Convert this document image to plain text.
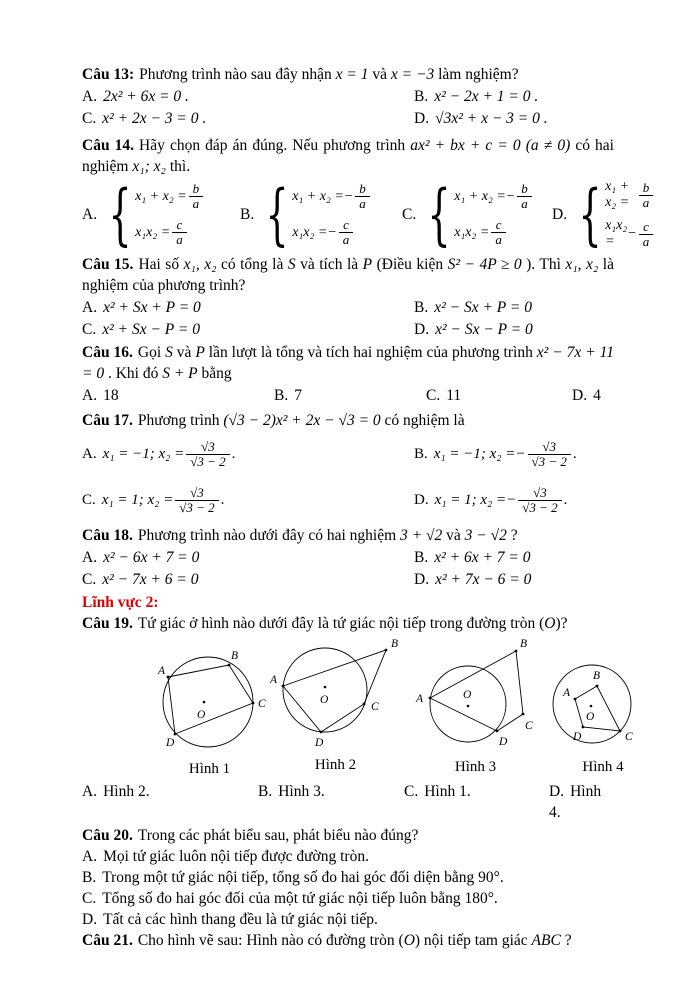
Câu 13: Phương trình nào sau đây nhận x = 1 và x = −3 làm nghiệm?

A. 2x² + 6x = 0 .	B. x² − 2x + 1 = 0 .
C. x² + 2x − 3 = 0 .	D. √3x² + x − 3 = 0 .

Câu 14. Hãy chọn đáp án đúng. Nếu phương trình ax² + bx + c = 0 (a ≠ 0) có hai nghiệm x₁; x₂ thì.

A. { $x_1 + x_2 = \frac{b}{a}$
$x_1x_2 = \frac{c}{a}$
B. { x₁ + x₂ = − $\frac{b}{a}$
x₁x₂ = − $\frac{c}{a}$
C. { x₁ + x₂ = − $\frac{b}{a}$
$x_1x_2 = \frac{c}{a}$
D. { $x_1 + x_2 = \frac{b}{a}$
x₁x₂ =
− $\frac{c}{a}$

Câu 15. Hai số x₁, x₂ có tổng là S và tích là P (Điều kiện S² − 4P ≥ 0 ). Thì x₁, x₂ là nghiệm của phương trình?

A. x² + Sx + P = 0	B. x² − Sx + P = 0
C. x² + Sx − P = 0	D. x² − Sx − P = 0

Câu 16. Gọi S và P lần lượt là tổng và tích hai nghiệm của phương trình x² − 7x + 11 = 0 . Khi đó S + P bằng

A. 18	B. 7	C. 11	D. 4

Câu 17. Phương trình (√3 − 2)x² + 2x − √3 = 0 có nghiệm là

A. x₁ = −1; $x_2 = \frac{√3}{√3 - 2}$ .	B. x₁ = −1; x₂ = − $\frac{√3}{√3 - 2}$ .
C. x₁ = 1; $x_2 = \frac{√3}{√3 - 2}$ .	D. x₁ = 1; x₂ = − $\frac{√3}{√3 - 2}$ .

Câu 18. Phương trình nào dưới đây có hai nghiệm 3 + √2 và 3 − √2 ?

A. x² − 6x + 7 = 0	B. x² + 6x + 7 = 0
C. x² − 7x + 6 = 0	D. x² + 7x − 6 = 0

Lĩnh vực 2:

Câu 19. Tứ giác ở hình nào dưới đây là tứ giác nội tiếp trong đường tròn (O)?

A
B
C
D
O
Hình 1
A
B
C
D
O
Hình 2
A
B
C
D
O
Hình 3
A
B
C
D
O
Hình 4
A. Hình 2.	B. Hình 3.	C. Hình 1.	D. Hình 4.

Câu 20. Trong các phát biểu sau, phát biểu nào đúng?

A. Mọi tứ giác luôn nội tiếp được đường tròn.
B. Trong một tứ giác nội tiếp, tổng số đo hai góc đối diện bằng 90°.
C. Tổng số đo hai góc đối của một tứ giác nội tiếp luôn bằng 180°.
D. Tất cả các hình thang đều là tứ giác nội tiếp.

Câu 21. Cho hình vẽ sau: Hình nào có đường tròn (O) nội tiếp tam giác ABC ?
